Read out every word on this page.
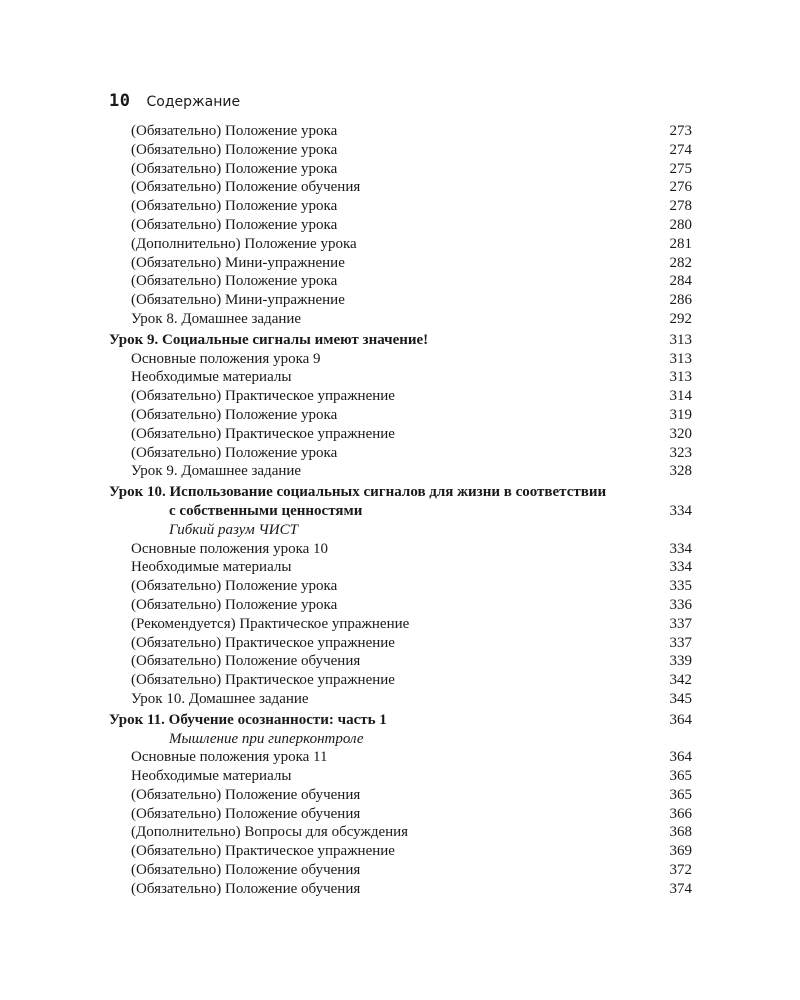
10 Содержание
(Обязательно) Положение урока	273
(Обязательно) Положение урока	274
(Обязательно) Положение урока	275
(Обязательно) Положение обучения	276
(Обязательно) Положение урока	278
(Обязательно) Положение урока	280
(Дополнительно) Положение урока	281
(Обязательно) Мини-упражнение	282
(Обязательно) Положение урока	284
(Обязательно) Мини-упражнение	286
Урок 8. Домашнее задание	292
Урок 9. Социальные сигналы имеют значение!	313
Основные положения урока 9	313
Необходимые материалы	313
(Обязательно) Практическое упражнение	314
(Обязательно) Положение урока	319
(Обязательно) Практическое упражнение	320
(Обязательно) Положение урока	323
Урок 9. Домашнее задание	328
Урок 10. Использование социальных сигналов для жизни в соответствии
с собственными ценностями	334
Гибкий разум ЧИСТ
Основные положения урока 10	334
Необходимые материалы	334
(Обязательно) Положение урока	335
(Обязательно) Положение урока	336
(Рекомендуется) Практическое упражнение	337
(Обязательно) Практическое упражнение	337
(Обязательно) Положение обучения	339
(Обязательно) Практическое упражнение	342
Урок 10. Домашнее задание	345
Урок 11. Обучение осознанности: часть 1	364
Мышление при гиперконтроле
Основные положения урока 11	364
Необходимые материалы	365
(Обязательно) Положение обучения	365
(Обязательно) Положение обучения	366
(Дополнительно) Вопросы для обсуждения	368
(Обязательно) Практическое упражнение	369
(Обязательно) Положение обучения	372
(Обязательно) Положение обучения	374
